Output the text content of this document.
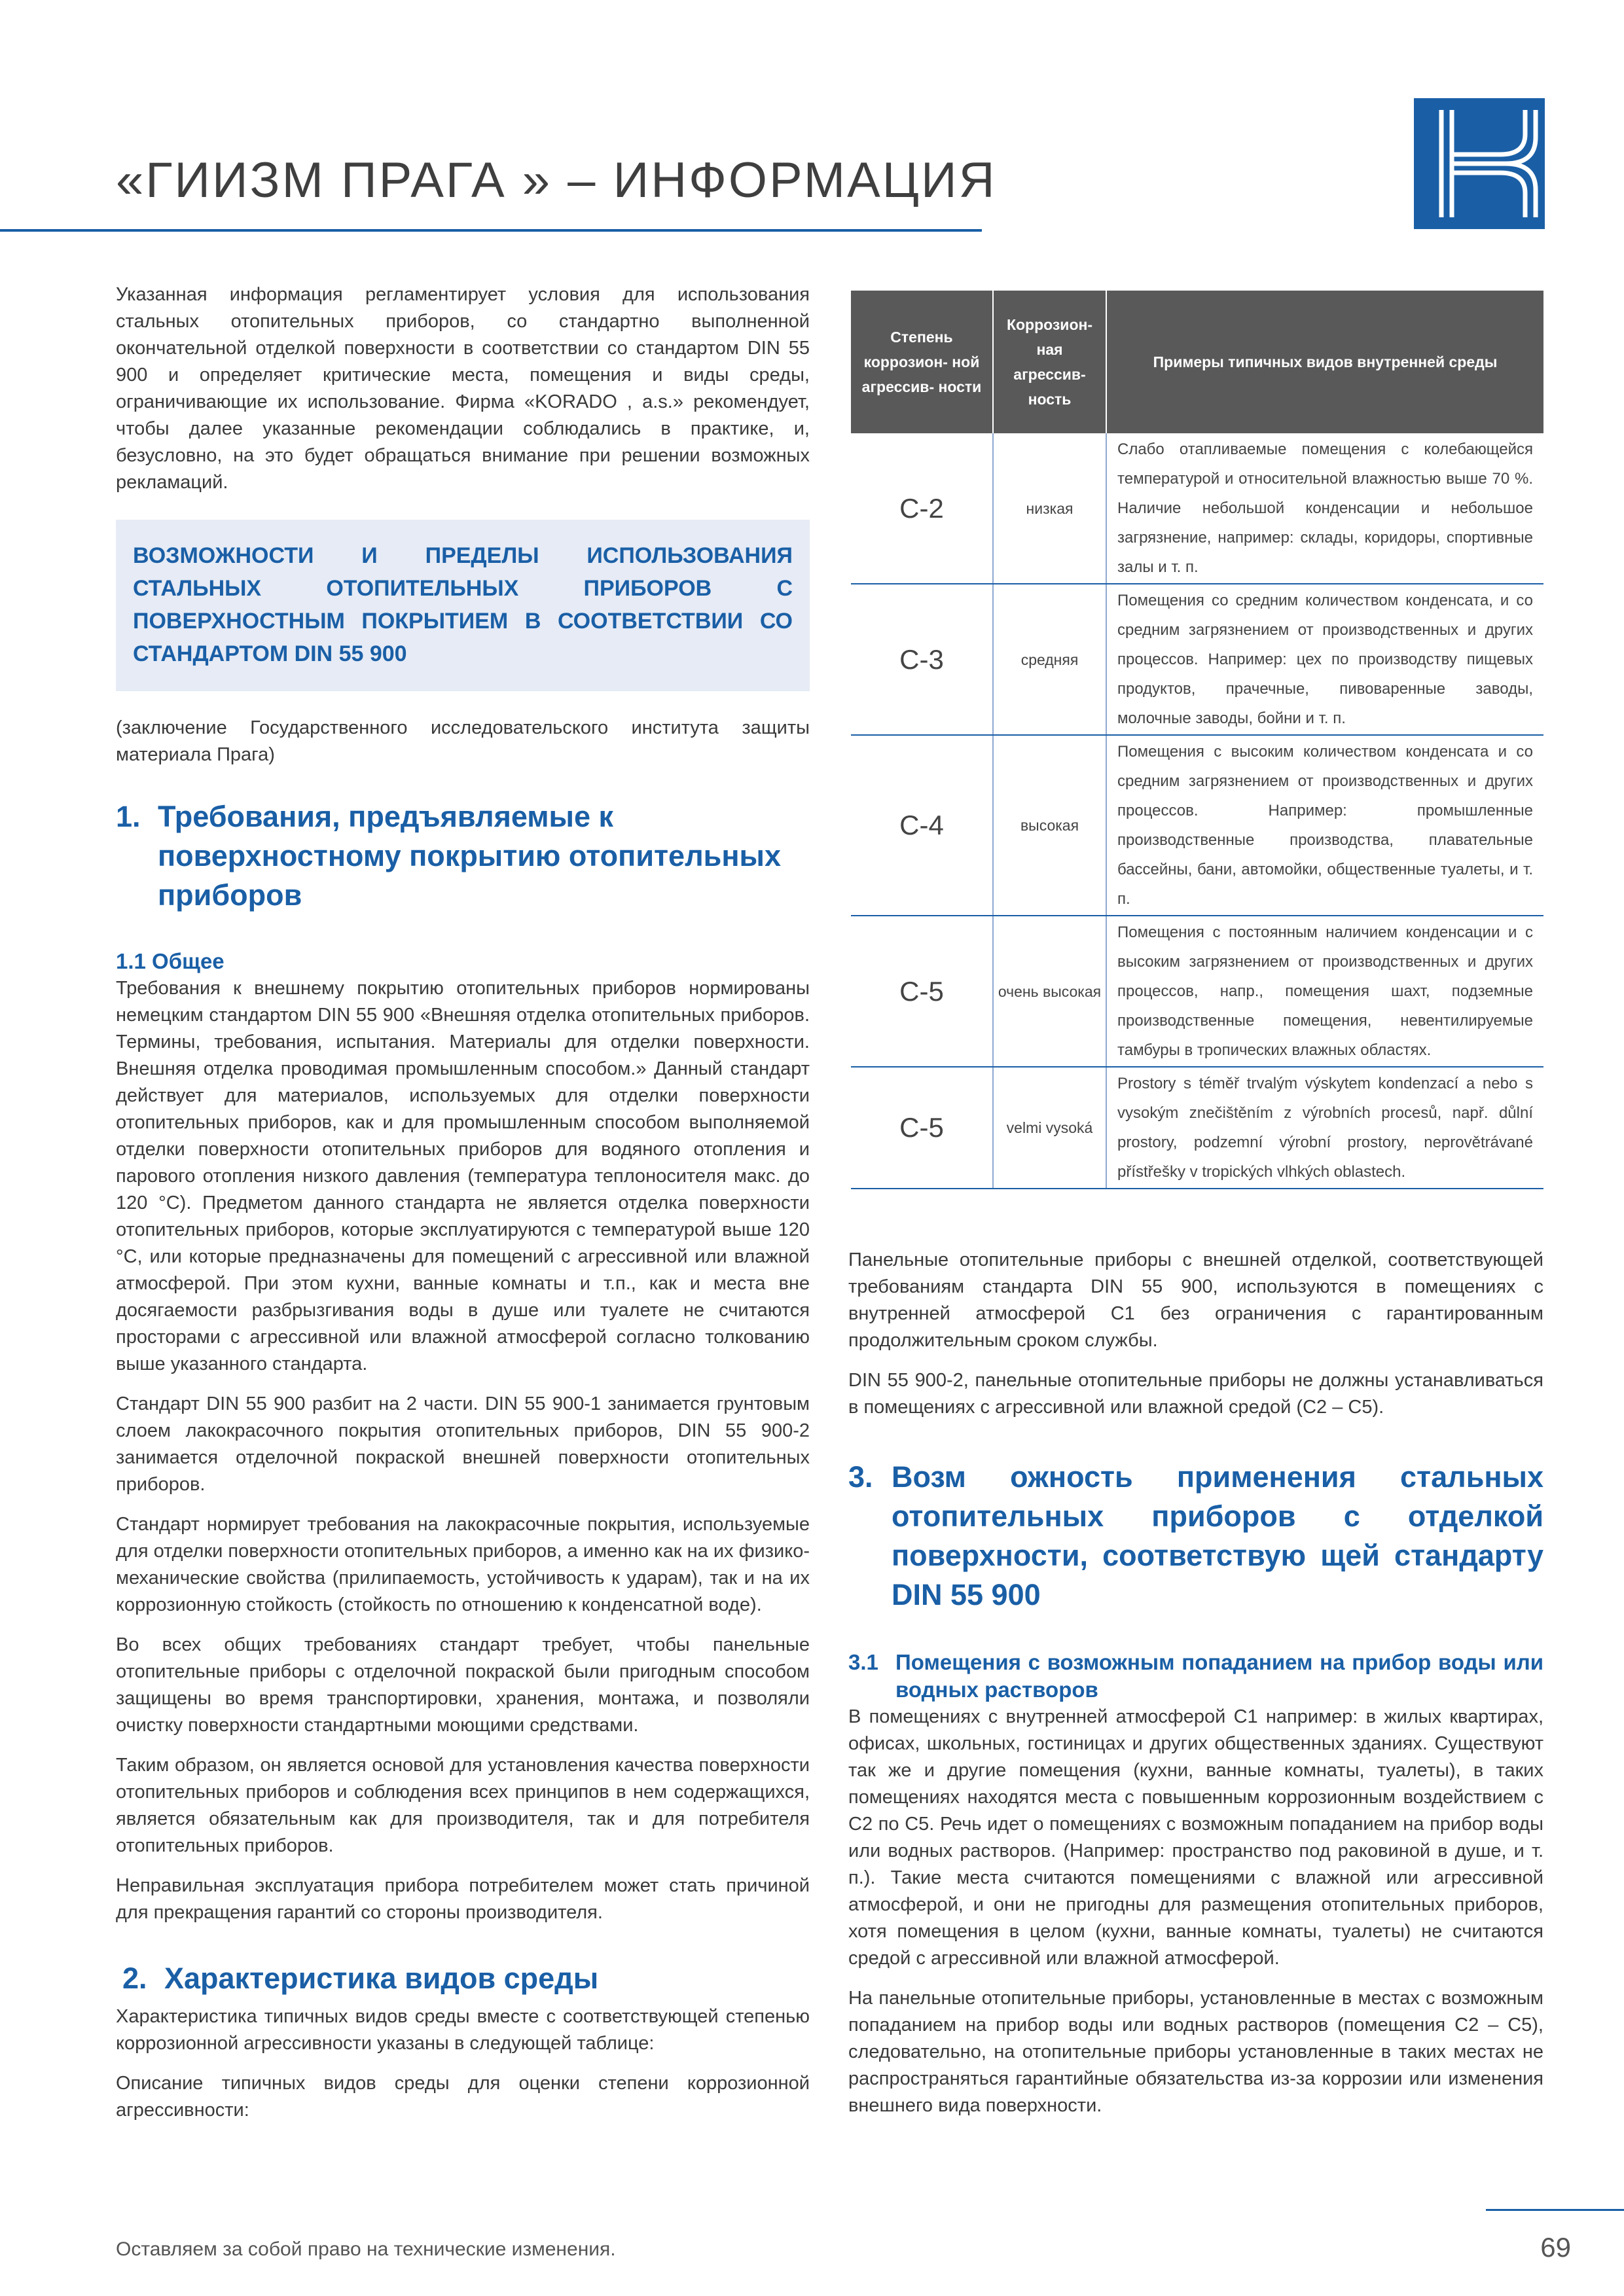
«ГИИЗМ ПРАГА » – ИНФОРМАЦИЯ

Указанная информация регламентирует условия для использования стальных отопительных приборов, со стандартно выполненной окончательной отделкой поверхности в соответствии со стандартом DIN 55 900 и определяет критические места, помещения и виды среды, ограничивающие их использование. Фирма «KORADO , a.s.» рекомендует, чтобы далее указанные рекомендации соблюдались в практике, и, безусловно, на это будет обращаться внимание при решении возможных рекламаций.

ВОЗМОЖНОСТИ И ПРЕДЕЛЫ ИСПОЛЬЗОВАНИЯ СТАЛЬНЫХ ОТОПИТЕЛЬНЫХ ПРИБОРОВ С ПОВЕРХНОСТНЫМ ПОКРЫТИЕМ В СООТВЕТСТВИИ СО СТАНДАРТОМ DIN 55 900

(заключение Государственного исследовательского института защиты материала Прага)

1. Требования, предъявляемые к поверхностному покрытию отопительных приборов
1.1 Общее

Требования к внешнему покрытию отопительных приборов нормированы немецким стандартом DIN 55 900 «Внешняя отделка отопительных приборов. Термины, требования, испытания. Материалы для отделки поверхности. Внешняя отделка проводимая промышленным способом.» Данный стандарт действует для материалов, используемых для отделки поверхности отопительных приборов, как и для промышленным способом выполняемой отделки поверхности отопительных приборов для водяного отопления и парового отопления низкого давления (температура теплоносителя макс. до 120 °C). Предметом данного стандарта не является отделка поверхности отопительных приборов, которые эксплуатируются с температурой выше 120 °C, или которые предназначены для помещений с агрессивной или влажной атмосферой. При этом кухни, ванные комнаты и т.п., как и места вне досягаемости разбрызгивания воды в душе или туалете не считаются просторами с агрессивной или влажной атмосферой согласно толкованию выше указанного стандарта.

Стандарт DIN 55 900 разбит на 2 части. DIN 55 900-1 занимается грунтовым слоем лакокрасочного покрытия отопительных приборов, DIN 55 900-2 занимается отделочной покраской внешней поверхности отопительных приборов.

Стандарт нормирует требования на лакокрасочные покрытия, используемые для отделки поверхности отопительных приборов, а именно как на их физико-механические свойства (прилипаемость, устойчивость к ударам), так и на их коррозионную стойкость (стойкость по отношению к конденсатной воде).

Во всех общих требованиях стандарт требует, чтобы панельные отопительные приборы с отделочной покраской были пригодным способом защищены во время транспортировки, хранения, монтажа, и позволяли очистку поверхности стандартными моющими средствами.

Таким образом, он является основой для установления качества поверхности отопительных приборов и соблюдения всех принципов в нем содержащихся, является обязательным как для производителя, так и для потребителя отопительных приборов.

Неправильная эксплуатация прибора потребителем может стать причиной для прекращения гарантий со стороны производителя.

2. Характеристика видов среды

Характеристика типичных видов среды вместе с соответствующей степенью коррозионной агрессивности указаны в следующей таблице:

Описание типичных видов среды для оценки степени коррозионной агрессивности:

Степень коррозион- ной агрессив- ности	Коррозион- ная агрессив- ность	Примеры типичных видов внутренней среды
C-2	низкая	Слабо отапливаемые помещения с колебающейся температурой и относительной влажностью выше 70 %. Наличие небольшой конденсации и небольшое загрязнение, например: склады, коридоры, спортивные залы и т. п.
C-3	средняя	Помещения со средним количеством конденсата, и со средним загрязнением от производственных и других процессов. Например: цех по производству пищевых продуктов, прачечные, пивоваренные заводы, молочные заводы, бойни и т. п.
C-4	высокая	Помещения с высоким количеством конденсата и со средним загрязнением от производственных и других процессов. Например: промышленные производственные производства, плавательные бассейны, бани, автомойки, общественные туалеты, и т. п.
C-5	очень высокая	Помещения с постоянным наличием конденсации и с высоким загрязнением от производственных и других процессов, напр., помещения шахт, подземные производственные помещения, невентилируемые тамбуры в тропических влажных областях.
C-5	velmi vysoká	Prostory s téměř trvalým výskytem kondenzací a nebo s vysokým znečištěním z výrobních procesů, např. důlní prostory, podzemní výrobní prostory, neprovětrávané přístřešky v tropických vlhkých oblastech.

Панельные отопительные приборы с внешней отделкой, соответствующей требованиям стандарта DIN 55 900, используются в помещениях с внутренней атмосферой C1 без ограничения с гарантированным продолжительным сроком службы.

DIN 55 900-2, панельные отопительные приборы не должны устанавливаться в помещениях с агрессивной или влажной средой (C2 – C5).

3. Возм ожность применения стальных отопительных приборов с отделкой поверхности, соответствую щей стандарту DIN 55 900
3.1 Помещения с возможным попаданием на прибор воды или водных растворов

В помещениях с внутренней атмосферой C1 например: в жилых квартирах, офисах, школьных, гостиницах и других общественных зданиях. Существуют так же и другие помещения (кухни, ванные комнаты, туалеты), в таких помещениях находятся места с повышенным коррозионным воздействием с C2 по C5. Речь идет о помещениях с возможным попаданием на прибор воды или водных растворов. (Например: пространство под раковиной в душе, и т. п.). Такие места считаются помещениями с влажной или агрессивной атмосферой, и они не пригодны для размещения отопительных приборов, хотя помещения в целом (кухни, ванные комнаты, туалеты) не считаются средой с агрессивной или влажной атмосферой.

На панельные отопительные приборы, установленные в местах с возможным попаданием на прибор воды или водных растворов (помещения C2 – C5), следовательно, на отопительные приборы установленные в таких местах не распространяться гарантийные обязательства из-за коррозии или изменения внешнего вида поверхности.

Оставляем за собой право на технические изменения.	69
